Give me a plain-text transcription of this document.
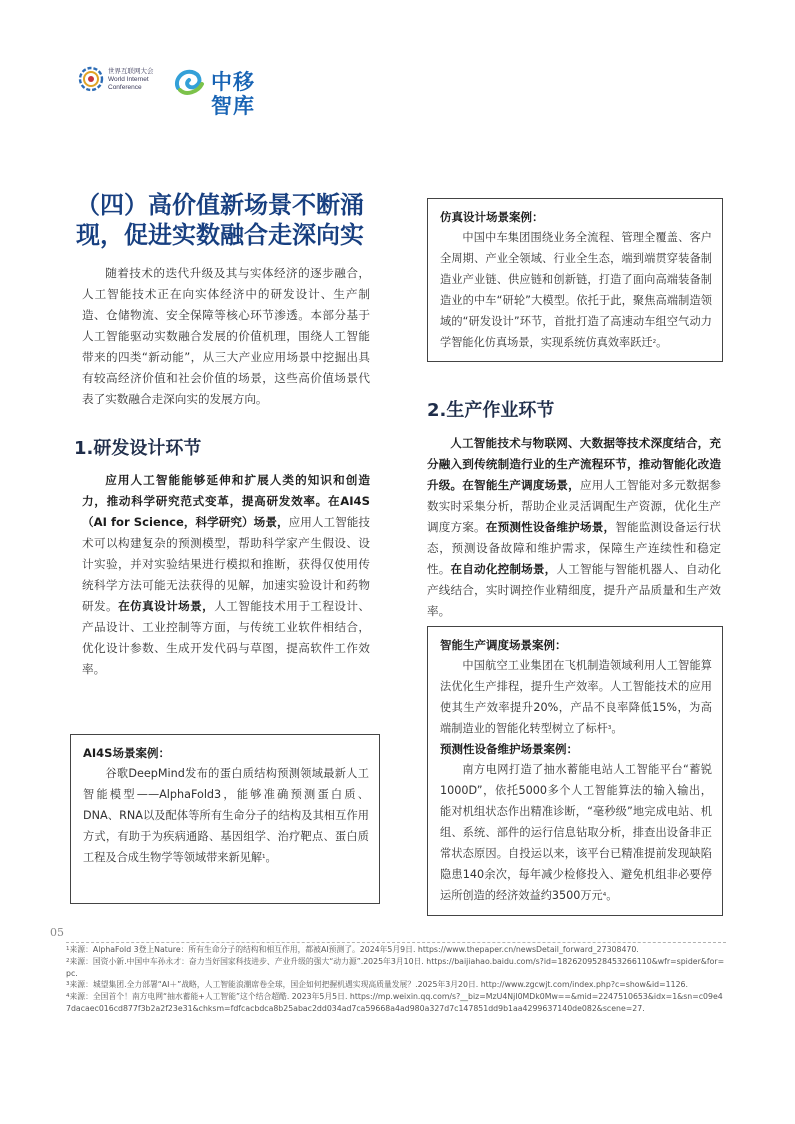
世界互联网大会
World Internet
Conference	中移智库
（四）高价值新场景不断涌现，促进实数融合走深向实

随着技术的迭代升级及其与实体经济的逐步融合，人工智能技术正在向实体经济中的研发设计、生产制造、仓储物流、安全保障等核心环节渗透。本部分基于人工智能驱动实数融合发展的价值机理，围绕人工智能带来的四类“新动能”，从三大产业应用场景中挖掘出具有较高经济价值和社会价值的场景，这些高价值场景代表了实数融合走深向实的发展方向。

1.研发设计环节

应用人工智能能够延伸和扩展人类的知识和创造力，推动科学研究范式变革，提高研发效率。在AI4S（AI for Science，科学研究）场景，应用人工智能技术可以构建复杂的预测模型，帮助科学家产生假设、设计实验，并对实验结果进行模拟和推断，获得仅使用传统科学方法可能无法获得的见解，加速实验设计和药物研发。在仿真设计场景，人工智能技术用于工程设计、产品设计、工业控制等方面，与传统工业软件相结合，优化设计参数、生成开发代码与草图，提高软件工作效率。

AI4S场景案例：

谷歌DeepMind发布的蛋白质结构预测领域最新人工智能模型——AlphaFold3，能够准确预测蛋白质、DNA、RNA以及配体等所有生命分子的结构及其相互作用方式，有助于为疾病通路、基因组学、治疗靶点、蛋白质工程及合成生物学等领域带来新见解$^1$。

仿真设计场景案例：

中国中车集团围绕业务全流程、管理全覆盖、客户全周期、产业全领域、行业全生态，端到端贯穿装备制造业产业链、供应链和创新链，打造了面向高端装备制造业的中车“研轮”大模型。依托于此，聚焦高端制造领域的“研发设计”环节，首批打造了高速动车组空气动力学智能化仿真场景，实现系统仿真效率跃迁$^2$。

2.生产作业环节

人工智能技术与物联网、大数据等技术深度结合，充分融入到传统制造行业的生产流程环节，推动智能化改造升级。在智能生产调度场景，应用人工智能对多元数据参数实时采集分析，帮助企业灵活调配生产资源，优化生产调度方案。在预测性设备维护场景，智能监测设备运行状态，预测设备故障和维护需求，保障生产连续性和稳定性。在自动化控制场景，人工智能与智能机器人、自动化产线结合，实时调控作业精细度，提升产品质量和生产效率。

智能生产调度场景案例：

中国航空工业集团在飞机制造领域利用人工智能算法优化生产排程，提升生产效率。人工智能技术的应用使其生产效率提升20%，产品不良率降低15%，为高端制造业的智能化转型树立了标杆$^3$。

预测性设备维护场景案例：

南方电网打造了抽水蓄能电站人工智能平台“蓄锐1000D”，依托5000多个人工智能算法的输入输出，能对机组状态作出精准诊断，“毫秒级”地完成电站、机组、系统、部件的运行信息钻取分析，排查出设备非正常状态原因。自投运以来，该平台已精准提前发现缺陷隐患140余次，每年减少检修投入、避免机组非必要停运所创造的经济效益约3500万元$^4$。

05

$^1$来源：AlphaFold 3登上Nature：所有生命分子的结构和相互作用，都被AI预测了。2024年5月9日. https://www.thepaper.cn/newsDetail_forward_27308470.

$^2$来源：国资小新.中国中车孙永才：奋力当好国家科技进步、产业升级的强大“动力源”.2025年3月10日. https://baijiahao.baidu.com/s?id=1826209528453266110&wfr=spider&for=pc.

$^3$来源：城望集团.全力部署“AI＋”战略，人工智能浪潮席卷全球，国企如何把握机遇实现高质量发展？.2025年3月20日. http://www.zgcwjt.com/index.php?c=show&id=1126.

$^4$来源：全国首个！南方电网“抽水蓄能+人工智能”这个结合超酷. 2023年5月5日. https://mp.weixin.qq.com/s?__biz=MzU4NjI0MDk0Mw==&mid=2247510653&idx=1&sn=c09e47dacaec016cd877f3b2a2f23e31&chksm=fdfcacbdca8b25abac2dd034ad7ca59668a4ad980a327d7c147851dd9b1aa4299637140de082&scene=27.
